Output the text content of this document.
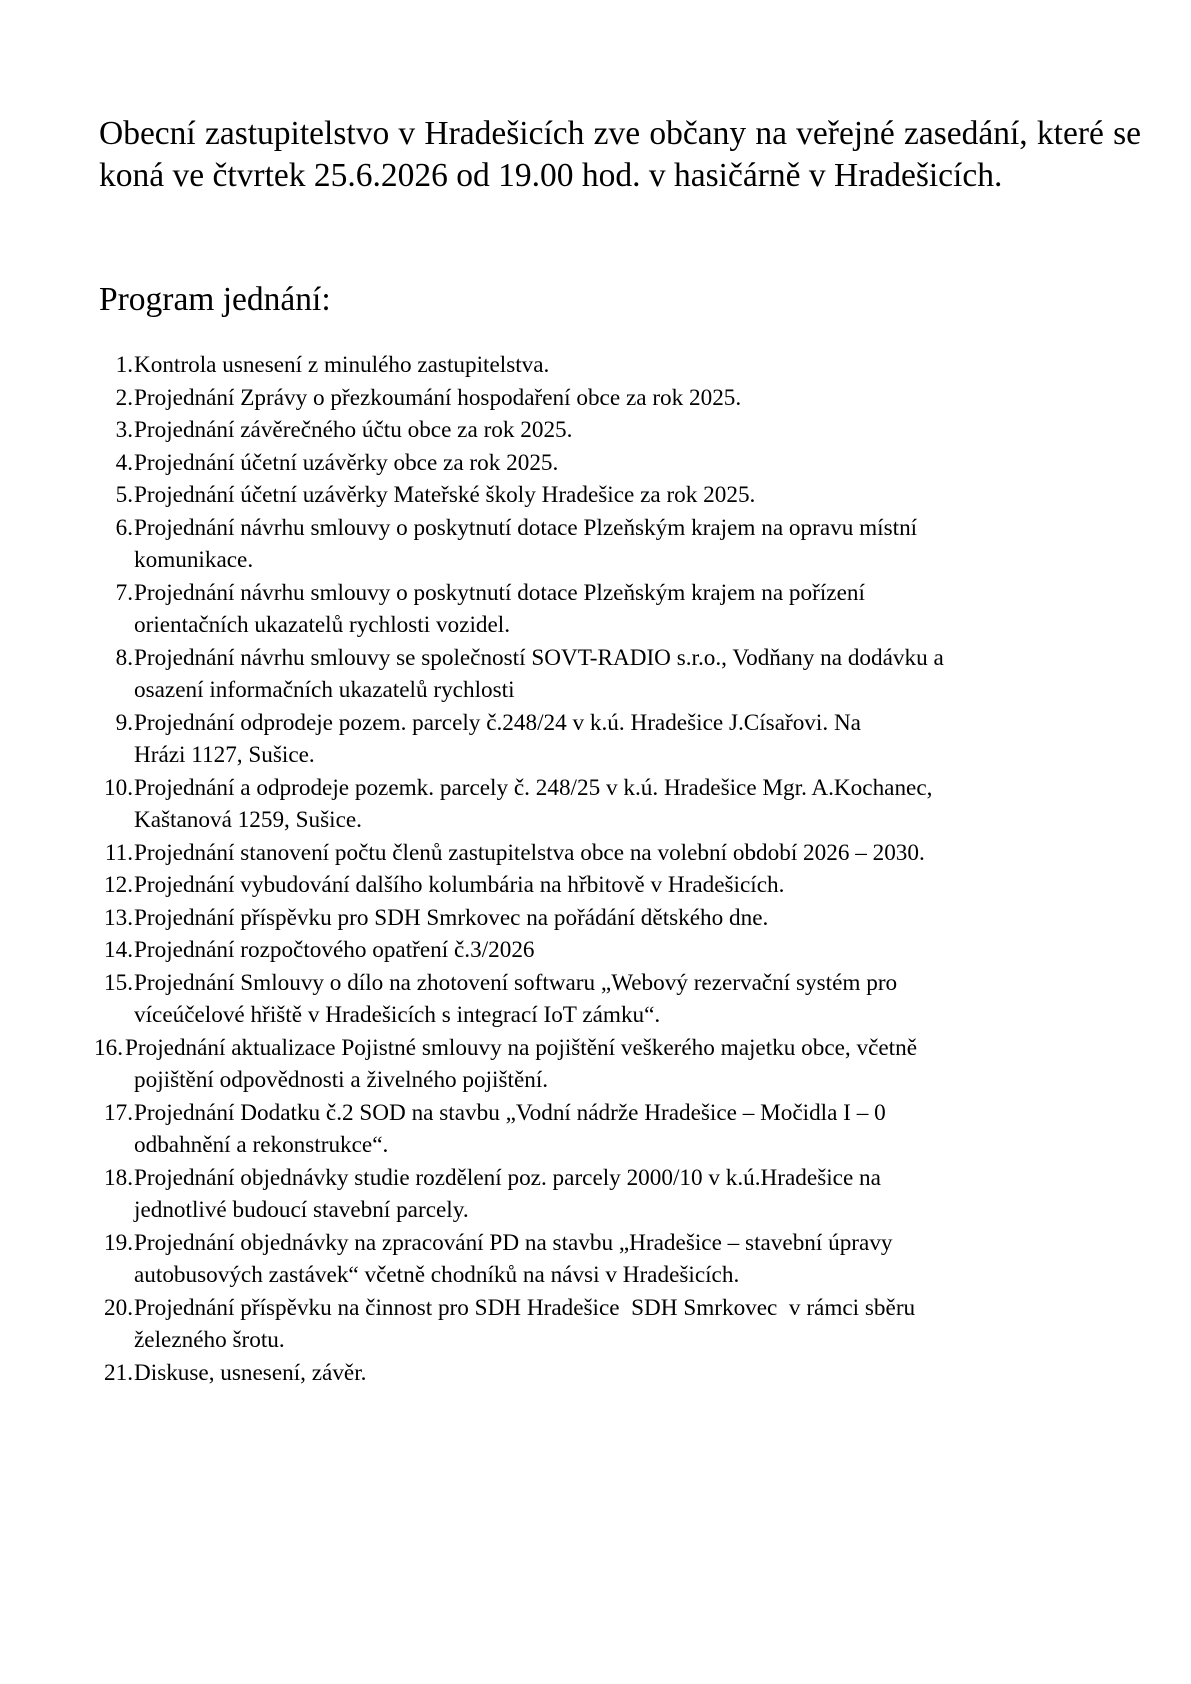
Obecní zastupitelstvo v Hradešicích zve občany na veřejné zasedání, které se koná ve čtvrtek 25.6.2026 od 19.00 hod. v hasičárně v Hradešicích.
Program jednání:
1. Kontrola usnesení z minulého zastupitelstva.
2. Projednání Zprávy o přezkoumání hospodaření obce za rok 2025.
3. Projednání závěrečného účtu obce za rok 2025.
4. Projednání účetní uzávěrky obce za rok 2025.
5. Projednání účetní uzávěrky Mateřské školy Hradešice za rok 2025.
6. Projednání návrhu smlouvy o poskytnutí dotace Plzeňským krajem na opravu místní
komunikace.
7. Projednání návrhu smlouvy o poskytnutí dotace Plzeňským krajem na pořízení
orientačních ukazatelů rychlosti vozidel.
8. Projednání návrhu smlouvy se společností SOVT-RADIO s.r.o., Vodňany na dodávku a
osazení informačních ukazatelů rychlosti
9. Projednání odprodeje pozem. parcely č.248/24 v k.ú. Hradešice J.Císařovi. Na
Hrázi 1127, Sušice.
10. Projednání a odprodeje pozemk. parcely č. 248/25 v k.ú. Hradešice Mgr. A.Kochanec,
Kaštanová 1259, Sušice.
11. Projednání stanovení počtu členů zastupitelstva obce na volební období 2026 – 2030.
12. Projednání vybudování dalšího kolumbária na hřbitově v Hradešicích.
13. Projednání příspěvku pro SDH Smrkovec na pořádání dětského dne.
14. Projednání rozpočtového opatření č.3/2026
15. Projednání Smlouvy o dílo na zhotovení softwaru „Webový rezervační systém pro
víceúčelové hřiště v Hradešicích s integrací IoT zámku“.
16. Projednání aktualizace Pojistné smlouvy na pojištění veškerého majetku obce, včetně
pojištění odpovědnosti a živelného pojištění.
17. Projednání Dodatku č.2 SOD na stavbu „Vodní nádrže Hradešice – Močidla I – 0
odbahnění a rekonstrukce“.
18. Projednání objednávky studie rozdělení poz. parcely 2000/10 v k.ú.Hradešice na
jednotlivé budoucí stavební parcely.
19. Projednání objednávky na zpracování PD na stavbu „Hradešice – stavební úpravy
autobusových zastávek“ včetně chodníků na návsi v Hradešicích.
20. Projednání příspěvku na činnost pro SDH Hradešice  SDH Smrkovec  v rámci sběru
železného šrotu.
21. Diskuse, usnesení, závěr.
